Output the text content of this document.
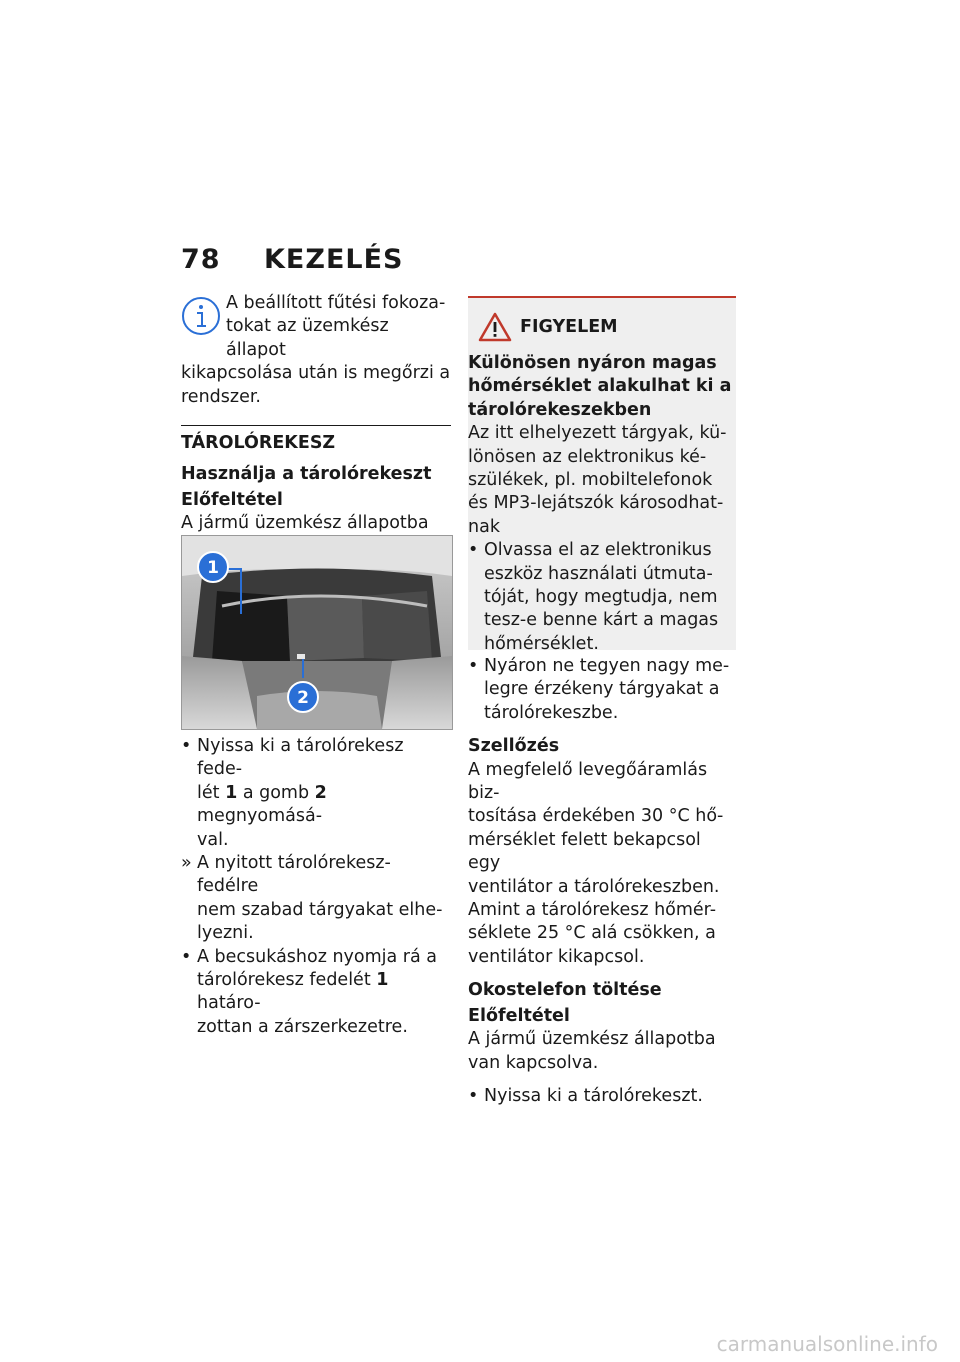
78 KEZELÉS
A beállított fűtési fokoza-
tokat az üzemkész állapot
kikapcsolása után is megőrzi a
rendszer.
TÁROLÓREKESZ
Használja a tárolórekeszt
Előfeltétel
A jármű üzemkész állapotba
1
2
• Nyissa ki a tárolórekesz fede-
lét 1 a gomb 2 megnyomásá-
val.
» A nyitott tárolórekesz-fedélre
nem szabad tárgyakat elhe-
lyezni.
• A becsukáshoz nyomja rá a
tárolórekesz fedelét 1 határo-
zottan a zárszerkezetre.
FIGYELEM
Különösen nyáron magas
hőmérséklet alakulhat ki a
tárolórekeszekben
Az itt elhelyezett tárgyak, kü-
lönösen az elektronikus ké-
szülékek, pl. mobiltelefonok
és MP3-lejátszók károsodhat-
nak
• Olvassa el az elektronikus
eszköz használati útmuta-
tóját, hogy megtudja, nem
tesz-e benne kárt a magas
hőmérséklet.
• Nyáron ne tegyen nagy me-
legre érzékeny tárgyakat a
tárolórekeszbe.
Szellőzés
A megfelelő levegőáramlás biz-
tosítása érdekében 30 °C hő-
mérséklet felett bekapcsol egy
ventilátor a tárolórekeszben.
Amint a tárolórekesz hőmér-
séklete 25 °C alá csökken, a
ventilátor kikapcsol.
Okostelefon töltése
Előfeltétel
A jármű üzemkész állapotba
van kapcsolva.
• Nyissa ki a tárolórekeszt.
carmanualsonline.info
